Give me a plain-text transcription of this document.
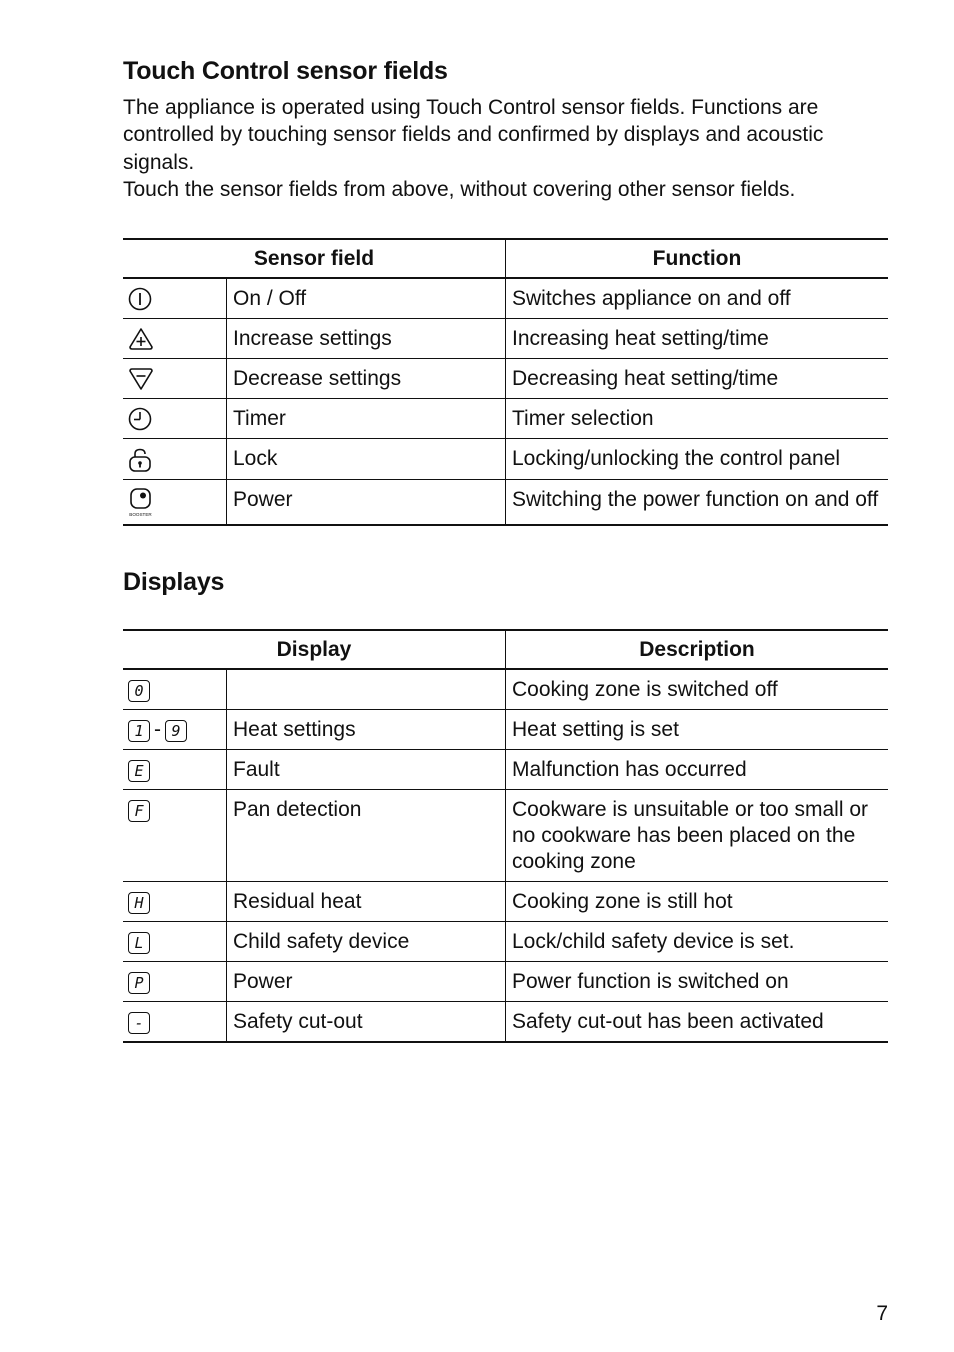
Touch Control sensor fields

The appliance is operated using Touch Control sensor fields. Functions are controlled by touching sensor fields and confirmed by displays and acoustic signals.

Touch the sensor fields from above, without covering other sensor fields.

Sensor field		Function

	On / Off	Switches appliance on and off

	Increase settings	Increasing heat setting/time

	Decrease settings	Decreasing heat setting/time

	Timer	Timer selection

	Lock	Locking/unlocking the control panel

BOOSTER	Power	Switching the power function on and off
Displays
Display		Description
0		Cooking zone is switched off
1 - 9	Heat settings	Heat setting is set
E	Fault	Malfunction has occurred
F	Pan detection	Cookware is unsuitable or too small or no cookware has been placed on the cooking zone
H	Residual heat	Cooking zone is still hot
L	Child safety device	Lock/child safety device is set.
P	Power	Power function is switched on
-	Safety cut-out	Safety cut-out has been activated
7
